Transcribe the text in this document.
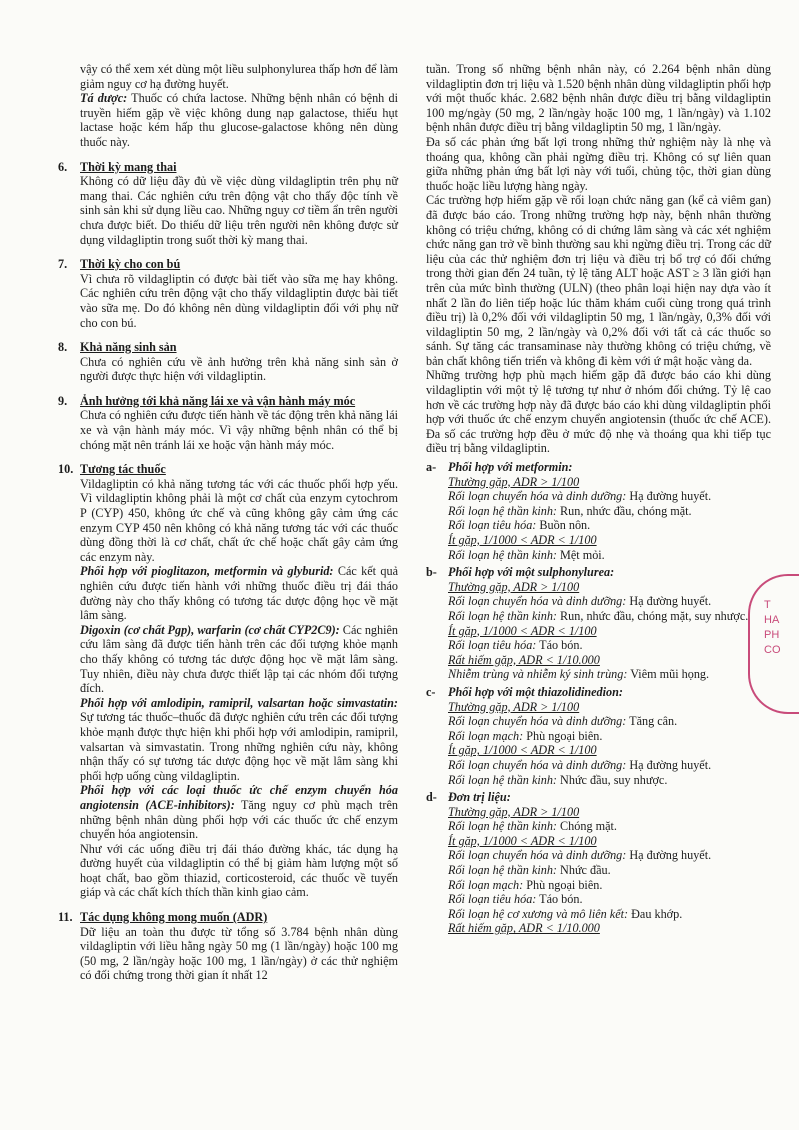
vậy có thể xem xét dùng một liều sulphonylurea thấp hơn để làm giảm nguy cơ hạ đường huyết.

Tá dược: Thuốc có chứa lactose. Những bệnh nhân có bệnh di truyền hiếm gặp về việc không dung nạp galactose, thiếu hụt lactase hoặc kém hấp thu glucose-galactose không nên dùng thuốc này.

6.	Thời kỳ mang thai

Không có dữ liệu đầy đủ về việc dùng vildagliptin trên phụ nữ mang thai. Các nghiên cứu trên động vật cho thấy độc tính về sinh sản khi sử dụng liều cao. Những nguy cơ tiềm ẩn trên người chưa được biết. Do thiếu dữ liệu trên người nên không được sử dụng vildagliptin trong suốt thời kỳ mang thai.

7.	Thời kỳ cho con bú

Vì chưa rõ vildagliptin có được bài tiết vào sữa mẹ hay không. Các nghiên cứu trên động vật cho thấy vildagliptin được bài tiết vào sữa mẹ. Do đó không nên dùng vildagliptin đối với phụ nữ cho con bú.

8.	Khả năng sinh sản

Chưa có nghiên cứu về ảnh hưởng trên khả năng sinh sản ở người được thực hiện với vildagliptin.

9.	Ảnh hưởng tới khả năng lái xe và vận hành máy móc

Chưa có nghiên cứu được tiến hành về tác động trên khả năng lái xe và vận hành máy móc. Vì vậy những bệnh nhân có thể bị chóng mặt nên tránh lái xe hoặc vận hành máy móc.

10. Tương tác thuốc

Vildagliptin có khả năng tương tác với các thuốc phối hợp yếu. Vì vildagliptin không phải là một cơ chất của enzym cytochrom P (CYP) 450, không ức chế và cũng không gây cảm ứng các enzym CYP 450 nên không có khả năng tương tác với các thuốc dùng đồng thời là cơ chất, chất ức chế hoặc chất gây cảm ứng các enzym này.

Phối hợp với pioglitazon, metformin và glyburid: Các kết quả nghiên cứu được tiến hành với những thuốc điều trị đái tháo đường này cho thấy không có tương tác dược động học về mặt lâm sàng.

Digoxin (cơ chất Pgp), warfarin (cơ chất CYP2C9): Các nghiên cứu lâm sàng đã được tiến hành trên các đối tượng khỏe mạnh cho thấy không có tương tác dược động học về mặt lâm sàng. Tuy nhiên, điều này chưa được thiết lập tại các nhóm đối tượng đích.

Phối hợp với amlodipin, ramipril, valsartan hoặc simvastatin: Sự tương tác thuốc–thuốc đã được nghiên cứu trên các đối tượng khỏe mạnh được thực hiện khi phối hợp với amlodipin, ramipril, valsartan và simvastatin. Trong những nghiên cứu này, không nhận thấy có sự tương tác dược động học về mặt lâm sàng khi phối hợp uống cùng vildagliptin.

Phối hợp với các loại thuốc ức chế enzym chuyển hóa angiotensin (ACE-inhibitors): Tăng nguy cơ phù mạch trên những bệnh nhân dùng phối hợp với các thuốc ức chế enzym chuyển hóa angiotensin.

Như với các uống điều trị đái tháo đường khác, tác dụng hạ đường huyết của vildagliptin có thể bị giảm hàm lượng một số hoạt chất, bao gồm thiazid, corticosteroid, các thuốc về tuyến giáp và các chất kích thích thần kinh giao cảm.

11. Tác dụng không mong muốn (ADR)

Dữ liệu an toàn thu được từ tổng số 3.784 bệnh nhân dùng vildagliptin với liều hằng ngày 50 mg (1 lần/ngày) hoặc 100 mg (50 mg, 2 lần/ngày hoặc 100 mg, 1 lần/ngày) ở các thử nghiệm có đối chứng trong thời gian ít nhất 12

tuần. Trong số những bệnh nhân này, có 2.264 bệnh nhân dùng vildagliptin đơn trị liệu và 1.520 bệnh nhân dùng vildagliptin phối hợp với một thuốc khác. 2.682 bệnh nhân được điều trị bằng vildagliptin 100 mg/ngày (50 mg, 2 lần/ngày hoặc 100 mg, 1 lần/ngày) và 1.102 bệnh nhân được điều trị bằng vildagliptin 50 mg, 1 lần/ngày.

Đa số các phản ứng bất lợi trong những thử nghiệm này là nhẹ và thoáng qua, không cần phải ngừng điều trị. Không có sự liên quan giữa những phản ứng bất lợi này với tuổi, chủng tộc, thời gian dùng thuốc hoặc liều lượng hàng ngày.

Các trường hợp hiếm gặp về rối loạn chức năng gan (kể cả viêm gan) đã được báo cáo. Trong những trường hợp này, bệnh nhân thường không có triệu chứng, không có di chứng lâm sàng và các xét nghiệm chức năng gan trở về bình thường sau khi ngừng điều trị. Trong các dữ liệu của các thử nghiệm đơn trị liệu và điều trị bổ trợ có đối chứng trong thời gian đến 24 tuần, tỷ lệ tăng ALT hoặc AST ≥ 3 lần giới hạn trên của mức bình thường (ULN) (theo phân loại hiện nay dựa vào ít nhất 2 lần đo liên tiếp hoặc lúc thăm khám cuối cùng trong quá trình điều trị) là 0,2% đối với vildagliptin 50 mg, 1 lần/ngày, 0,3% đối với vildagliptin 50 mg, 2 lần/ngày và 0,2% đối với tất cả các thuốc so sánh. Sự tăng các transaminase này thường không có triệu chứng, về bản chất không tiến triển và không đi kèm với ứ mật hoặc vàng da.

Những trường hợp phù mạch hiếm gặp đã được báo cáo khi dùng vildagliptin với một tỷ lệ tương tự như ở nhóm đối chứng. Tỷ lệ cao hơn về các trường hợp này đã được báo cáo khi dùng vildagliptin phối hợp với thuốc ức chế enzym chuyển angiotensin (thuốc ức chế ACE). Đa số các trường hợp đều ở mức độ nhẹ và thoáng qua khi tiếp tục điều trị bằng vildagliptin.

a- Phối hợp với metformin:
Thường gặp, ADR > 1/100
Rối loạn chuyển hóa và dinh dưỡng: Hạ đường huyết.
Rối loạn hệ thần kinh: Run, nhức đầu, chóng mặt.
Rối loạn tiêu hóa: Buồn nôn.
Ít gặp, 1/1000 < ADR < 1/100
Rối loạn hệ thần kinh: Mệt mỏi.
b- Phối hợp với một sulphonylurea:
Thường gặp, ADR > 1/100
Rối loạn chuyển hóa và dinh dưỡng: Hạ đường huyết.
Rối loạn hệ thần kinh: Run, nhức đầu, chóng mặt, suy nhược.
Ít gặp, 1/1000 < ADR < 1/100
Rối loạn tiêu hóa: Táo bón.
Rất hiếm gặp, ADR < 1/10.000
Nhiễm trùng và nhiễm ký sinh trùng: Viêm mũi họng.
c-	Phối hợp với một thiazolidinedion:
Thường gặp, ADR > 1/100
Rối loạn chuyển hóa và dinh dưỡng: Tăng cân.
Rối loạn mạch: Phù ngoại biên.
Ít gặp, 1/1000 < ADR < 1/100
Rối loạn chuyển hóa và dinh dưỡng: Hạ đường huyết.
Rối loạn hệ thần kinh: Nhức đầu, suy nhược.
d- Đơn trị liệu:
Thường gặp, ADR > 1/100
Rối loạn hệ thần kinh: Chóng mặt.
Ít gặp, 1/1000 < ADR < 1/100
Rối loạn chuyển hóa và dinh dưỡng: Hạ đường huyết.
Rối loạn hệ thần kinh: Nhức đầu.
Rối loạn mạch: Phù ngoại biên.
Rối loạn tiêu hóa: Táo bón.
Rối loạn hệ cơ xương và mô liên kết: Đau khớp.
Rất hiếm gặp, ADR < 1/10.000
T
HA
PH
CO
